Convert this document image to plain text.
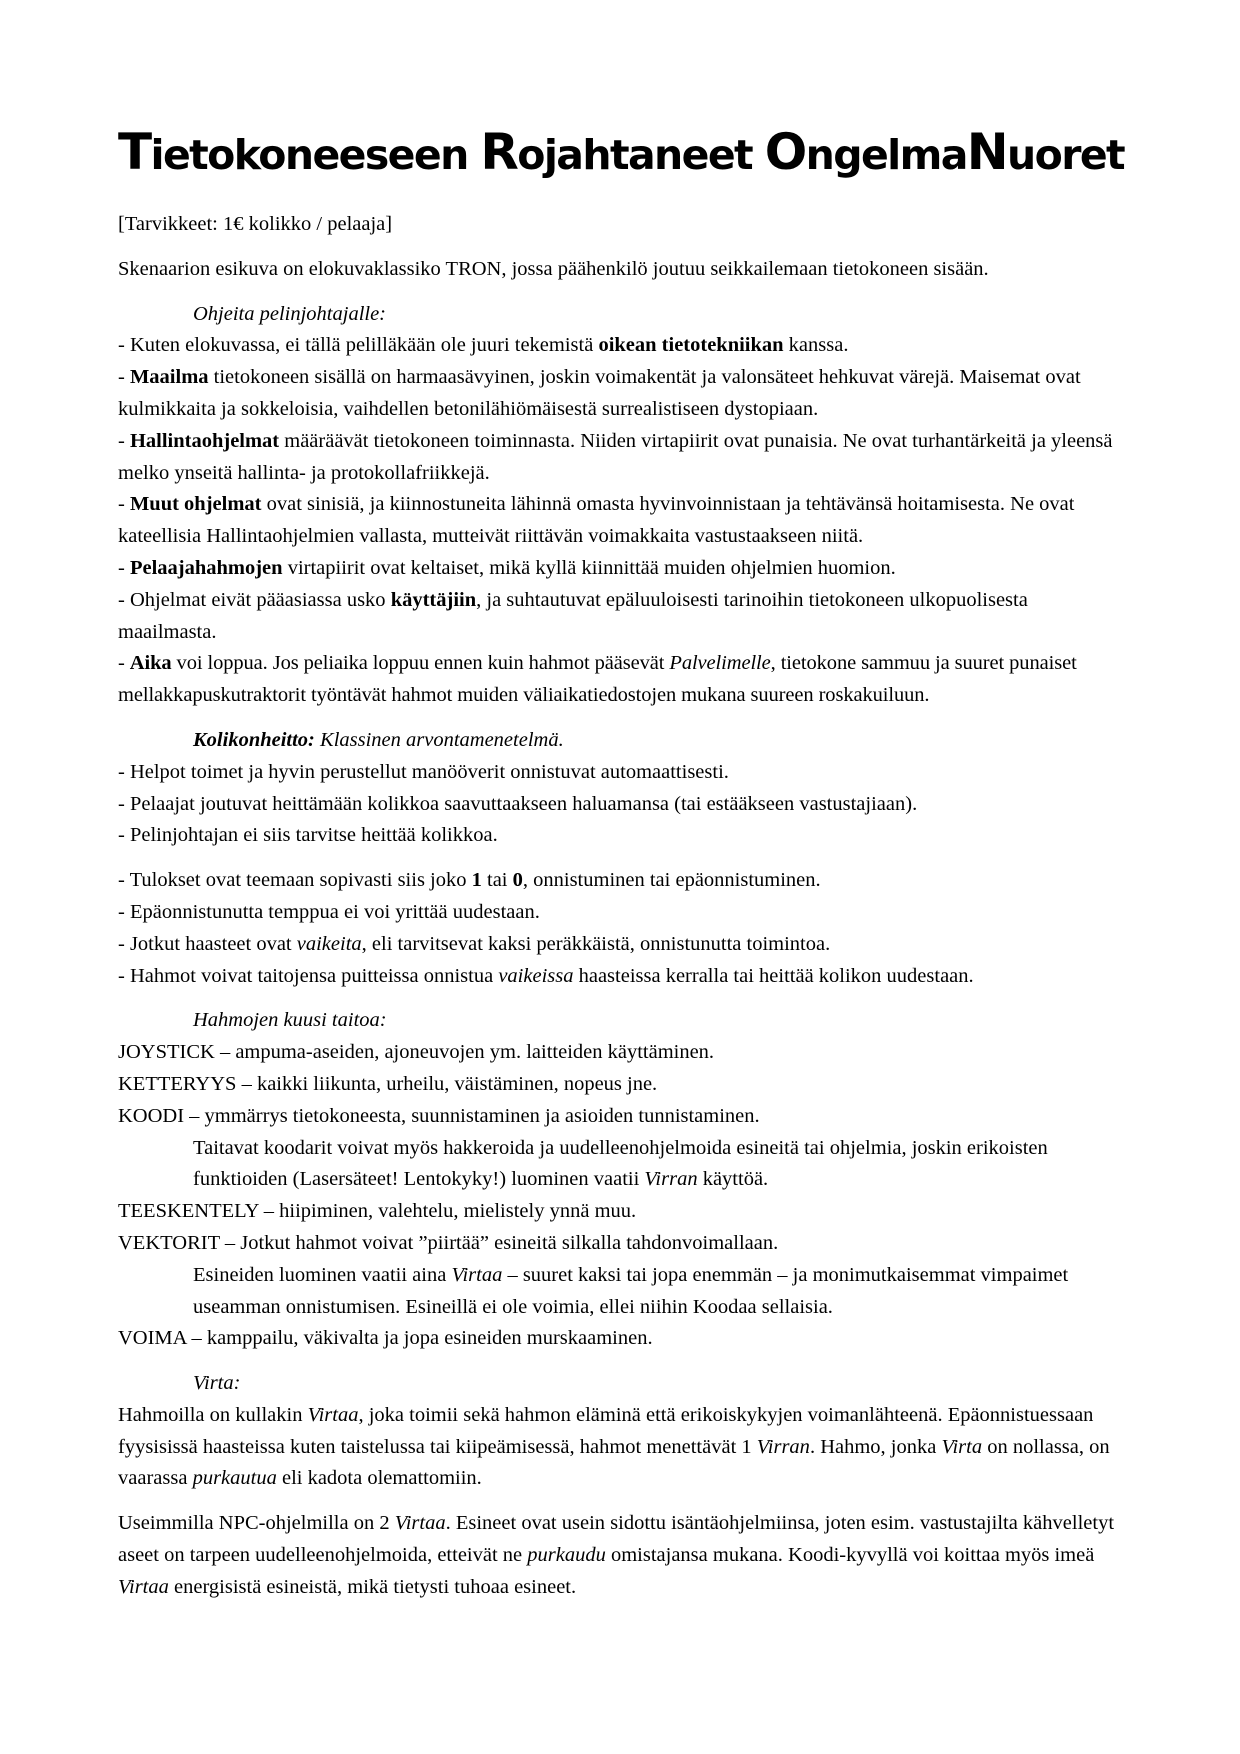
Tietokoneeseen Rojahtaneet OngelmaNuoret

[Tarvikkeet: 1€ kolikko / pelaaja]

Skenaarion esikuva on elokuvaklassiko TRON, jossa päähenkilö joutuu seikkailemaan tietokoneen sisään.

Ohjeita pelinjohtajalle:

- Kuten elokuvassa, ei tällä pelilläkään ole juuri tekemistä oikean tietotekniikan kanssa.

- Maailma tietokoneen sisällä on harmaasävyinen, joskin voimakentät ja valonsäteet hehkuvat värejä. Maisemat ovat kulmikkaita ja sokkeloisia, vaihdellen betonilähiömäisestä surrealistiseen dystopiaan.

- Hallintaohjelmat määräävät tietokoneen toiminnasta. Niiden virtapiirit ovat punaisia. Ne ovat turhantärkeitä ja yleensä melko ynseitä hallinta- ja protokollafriikkejä.

- Muut ohjelmat ovat sinisiä, ja kiinnostuneita lähinnä omasta hyvinvoinnistaan ja tehtävänsä hoitamisesta. Ne ovat kateellisia Hallintaohjelmien vallasta, mutteivät riittävän voimakkaita vastustaakseen niitä.

- Pelaajahahmojen virtapiirit ovat keltaiset, mikä kyllä kiinnittää muiden ohjelmien huomion.

- Ohjelmat eivät pääasiassa usko käyttäjiin, ja suhtautuvat epäluuloisesti tarinoihin tietokoneen ulkopuolisesta maailmasta.

- Aika voi loppua. Jos peliaika loppuu ennen kuin hahmot pääsevät Palvelimelle, tietokone sammuu ja suuret punaiset mellakkapuskutraktorit työntävät hahmot muiden väliaikatiedostojen mukana suureen roskakuiluun.

Kolikonheitto: Klassinen arvontamenetelmä.

- Helpot toimet ja hyvin perustellut manööverit onnistuvat automaattisesti.

- Pelaajat joutuvat heittämään kolikkoa saavuttaakseen haluamansa (tai estääkseen vastustajiaan).

- Pelinjohtajan ei siis tarvitse heittää kolikkoa.

- Tulokset ovat teemaan sopivasti siis joko 1 tai 0, onnistuminen tai epäonnistuminen.

- Epäonnistunutta temppua ei voi yrittää uudestaan.

- Jotkut haasteet ovat vaikeita, eli tarvitsevat kaksi peräkkäistä, onnistunutta toimintoa.

- Hahmot voivat taitojensa puitteissa onnistua vaikeissa haasteissa kerralla tai heittää kolikon uudestaan.

Hahmojen kuusi taitoa:

JOYSTICK – ampuma-aseiden, ajoneuvojen ym. laitteiden käyttäminen.

KETTERYYS – kaikki liikunta, urheilu, väistäminen, nopeus jne.

KOODI – ymmärrys tietokoneesta, suunnistaminen ja asioiden tunnistaminen.

Taitavat koodarit voivat myös hakkeroida ja uudelleenohjelmoida esineitä tai ohjelmia, joskin erikoisten funktioiden (Lasersäteet! Lentokyky!) luominen vaatii Virran käyttöä.

TEESKENTELY – hiipiminen, valehtelu, mielistely ynnä muu.

VEKTORIT – Jotkut hahmot voivat ”piirtää” esineitä silkalla tahdonvoimallaan.

Esineiden luominen vaatii aina Virtaa – suuret kaksi tai jopa enemmän – ja monimutkaisemmat vimpaimet useamman onnistumisen. Esineillä ei ole voimia, ellei niihin Koodaa sellaisia.

VOIMA – kamppailu, väkivalta ja jopa esineiden murskaaminen.

Virta:

Hahmoilla on kullakin Virtaa, joka toimii sekä hahmon eläminä että erikoiskykyjen voimanlähteenä. Epäonnistuessaan fyysisissä haasteissa kuten taistelussa tai kiipeämisessä, hahmot menettävät 1 Virran. Hahmo, jonka Virta on nollassa, on vaarassa purkautua eli kadota olemattomiin.

Useimmilla NPC-ohjelmilla on 2 Virtaa. Esineet ovat usein sidottu isäntäohjelmiinsa, joten esim. vastustajilta kähvelletyt aseet on tarpeen uudelleenohjelmoida, etteivät ne purkaudu omistajansa mukana. Koodi-kyvyllä voi koittaa myös imeä Virtaa energisistä esineistä, mikä tietysti tuhoaa esineet.
